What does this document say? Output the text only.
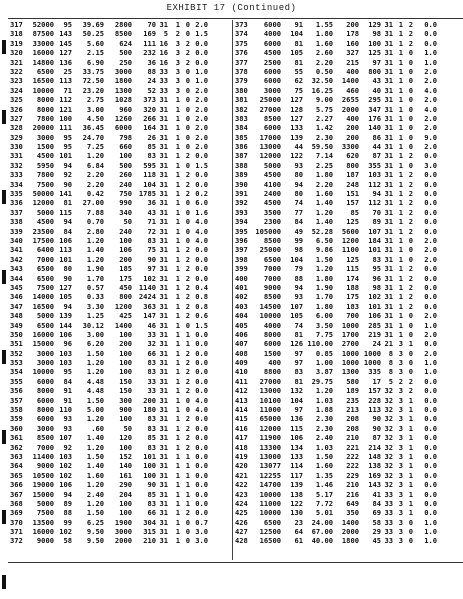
EXHIBIT 17 (Continued)
317 52000 95 39.69 2800 70 31 1 0 2.0
318 87500 143 50.25 8500 169 5 2 0 1.5
319 33000 145 5.60 624 111 16 3 2 0.0
320 16000 127 2.15 500 232 16 3 2 0.0
321 14800 136 6.90 250 36 16 3 2 0.0
322 6500 25 33.75 3000 88 33 3 0 1.0
323 16500 113 72.50 1800 24 33 3 0 1.0
324 10000 71 23.20 1300 52 33 3 0 2.0
325 8000 112 2.75 1028 373 31 1 0 2.0
326 8000 121 3.00 960 320 31 1 0 2.0
327 7800 100 4.50 1260 266 31 1 0 2.0
328 20000 111 36.45 6000 164 31 1 0 2.0
329 3000 95 24.70 798 26 31 1 0 2.0
330 1500 95 7.25 660 85 31 1 0 2.0
331 4500 101 1.20 100 83 31 1 2 0.0
332 5950 94 6.84 500 595 31 1 0 1.5
333 7800 92 2.20 260 118 31 1 2 0.0
334 7500 90 2.20 240 104 31 1 2 0.0
335 50000 141 0.42 750 1785 31 1 2 0.2
336 12000 81 27.00 990 36 31 1 0 6.0
337 5000 115 7.88 340 43 31 1 0 1.6
338 4500 94 0.70	50 71 31 1 0 4.0
339 23500 84 2.80 240 72 31 1 0 4.0
340 17500 106 1.20 100 83 31 1 0 4.0
341 6400 113 1.40 106 75 31 1 2 0.0
342 7000 101 1.20 200 90 31 1 2 0.0
343 6500 80 1.90 185 97 31 1 2 0.0
344 6500 90 1.70 175 102 31 1 2 0.0
345 7500 127 0.57 450 1140 31 1 2 0.4
346 14000 105 0.33 800 2424 31 1 2 0.8
347 16500 94 3.30 1200 363 31 1 2 0.8
348 5000 139 1.25 425 147 31 1 2 0.6
349 6500 144 30.12 1400 46 31 1 0 1.5
350 16000 106 3.00 100 33 31 1 1 0.0
351 15000 96 6.20 200 32 31 1 1 0.0
352 3000 103 1.50 100 66 31 1 2 0.0
353 3000 103 1.20 100 83 31 1 2 0.0
354 10000 95 1.20 100 83 31 1 2 0.0
355 6000 84 4.48 150 33 31 1 2 0.0
356 8000 91 4.48 150 33 31 1 2 0.0
357 6000 91 1.50 300 200 31 1 0 4.0
358 8000 110 5.00 900 180 31 1 0 4.0
359 6000 93 1.20 100 83 31 1 2 0.0
360 3000 93	.60	50 83 31 1 2 0.0
361 8500 107 1.40 120 85 31 1 2 0.0
362 7000 92 1.20 100 83 31 1 2 0.0
363 11400 103 1.50 152 101 31 1 1 0.0
364 9000 102 1.40 140 100 31 1 1 0.0
365 10500 102 1.60 161 100 31 1 1 0.0
366 19000 106 1.20 290 90 31 1 1 0.0
367 15000 94 2.40 204 85 31 1 1 0.0
368 5000 89 1.20 100 83 31 1 1 0.0
369 7500 88 1.50 100 66 31 1 2 0.0
370 13500 99 6.25 1900 304 31 1 0 0.7
371 16000 102 9.50 3000 315 31 1 0 3.0
372 9000 58 9.50 2000 210 31 1 0 3.0
373 6000 91 1.55 200 129 31 1 2 0.0
374 4000 104 1.80 178 98 31 1 2 0.0
375 6000 81 1.60 160 100 31 1 2 0.0
376 4500 105 2.60 327 125 31 1 0 1.0
377 2500 81 2.20 215 97 31 1 0 1.0
378 6000 55 0.50 400 800 31 1 0 2.0
379 6000 62 32.50 1400 43 31 1 0 2.0
380 3000 75 16.25 460 40 31 1 0 4.0
381 25000 127 9.00 2655 295 31 1 0 2.0
382 27000 128 5.75 2000 347 31 1 0 4.0
383 8500 127 2.27 400 176 31 1 0 2.0
384 6000 133 1.42 200 140 31 1 0 2.0
385 17000 139 2.30 200 86 31 1 0 9.0
386 13000 44 59.50 3300 44 31 1 0 2.0
387 12000 122 7.14 620 87 31 1 2 0.0
388 5000 93 2.25 800 355 31 1 0 3.0
389 4500 80 1.80 187 103 31 1 2 0.0
390 4100 94 2.20 248 112 31 1 2 0.0
391 2400 80 1.60 151 94 31 1 2 0.0
392 4500 74 1.40 157 112 31 1 2 0.0
393 3500 77 1.20 85 70 31 1 2 0.0
394 2300 84 1.40 125 89 31 1 2 0.0
395 105000 49 52.28 5600 107 31 1 2 0.0
396 8500 99 6.50 1200 184 31 1 0 2.0
397 25000 98 9.86 1100 101 31 1 0 2.0
398 6500 104 1.50 125 83 31 1 0 2.0
399 7000 79 1.20 115 95 31 1 2 0.0
400 7000 88 1.80 174 96 31 1 2 0.0
401 9000 94 1.90 188 98 31 1 2 0.0
402 8500 93 1.70 175 102 31 1 2 0.0
403 14500 107 1.80 183 101 31 1 2 0.0
404 10000 105 6.00 700 106 31 1 0 2.0
405 4000 74 3.50 1000 285 31 1 0 1.0
406 8000 81 7.75 1700 219 31 1 0 2.0
407 6000 126 110.00 2700 24 21 3 1 0.0
408 1500 97 0.85 1000 1000 8 3 0 2.0
409	400 97 1.00 1000 1000 8 3 0 1.0
410 8800 83 3.87 1300 335 8 3 0 1.0
411 27000 81 29.75 580 17 5 2 2 0.0
412 13000 132 1.20 189 157 32 3 2 0.0
413 10100 104 1.03 235 228 32 3 1 0.0
414 11000 97 1.88 213 113 32 3 1 0.0
415 65000 136 2.30 208 90 32 3 1 0.0
416 12000 115 2.30 208 90 32 3 1 0.0
417 11900 106 2.40 210 87 32 3 1 0.0
418 13300 134 1.03 221 214 32 3 1 0.0
419 13000 133 1.50 222 148 32 3 1 0.0
420 13077 114 1.60 222 138 32 3 1 0.0
421 12255 117 1.35 229 169 32 3 1 0.0
422 14700 139 1.46 210 143 32 3 1 0.0
423 10000 138 5.17 216 41 33 3 1 0.0
424 11000 122 7.72 649 84 33 3 1 0.0
425 10000 130 5.01 350 69 33 3 1 0.0
426 6500 23 24.00 1400 58 33 3 0 1.0
427 12500 64 67.00 2000 29 33 3 0 1.0
428 16500 61 40.00 1800 45 33 3 0 1.0
